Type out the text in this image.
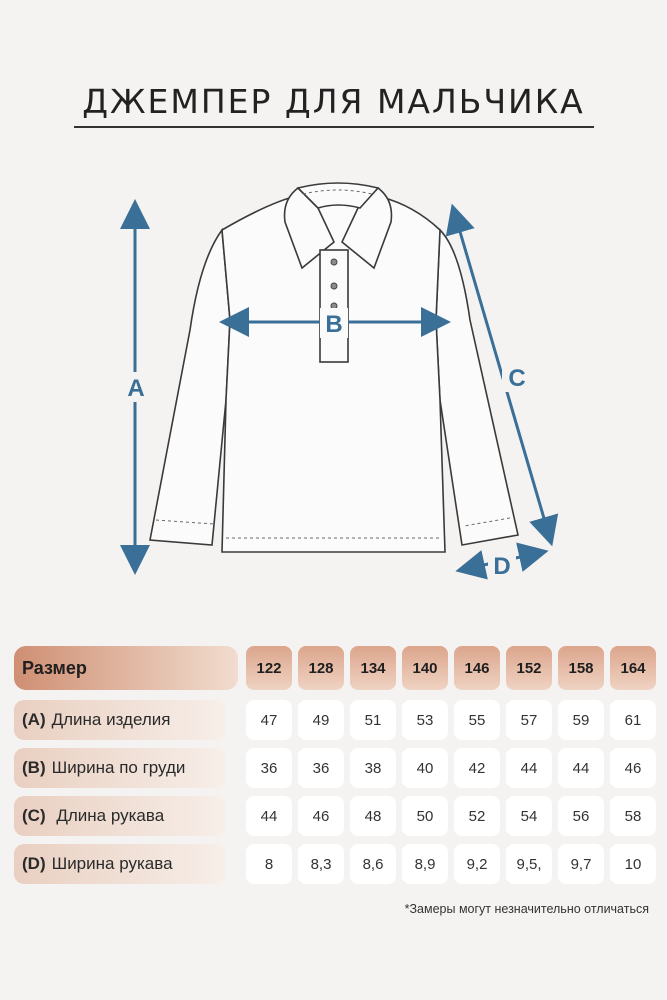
ДЖЕМПЕР ДЛЯ МАЛЬЧИКА
A
B
C
D
Размер	122	128	134	140	146	152	158	164
(A) Длина изделия	47	49	51	53	55	57	59	61
(B) Ширина по груди	36	36	38	40	42	44	44	46
(C) Длина рукава	44	46	48	50	52	54	56	58
(D) Ширина рукава	8	8,3	8,6	8,9	9,2	9,5,	9,7	10
*Замеры могут незначительно отличаться
